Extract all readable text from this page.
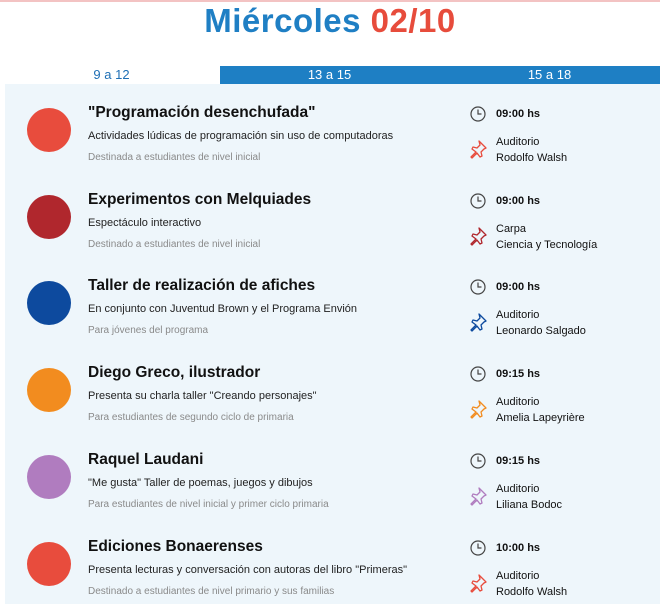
Miércoles 02/10
9 a 12	13 a 15	15 a 18
"Programación desenchufada"
Actividades lúdicas de programación sin uso de computadoras
Destinada a estudiantes de nivel inicial
09:00 hs
Auditorio
Rodolfo Walsh
Experimentos con Melquiades
Espectáculo interactivo
Destinado a estudiantes de nivel inicial
09:00 hs
Carpa
Ciencia y Tecnología
Taller de realización de afiches
En conjunto con Juventud Brown y el Programa Envión
Para jóvenes del programa
09:00 hs
Auditorio
Leonardo Salgado
Diego Greco, ilustrador
Presenta su charla taller "Creando personajes"
Para estudiantes de segundo ciclo de primaria
09:15 hs
Auditorio
Amelia Lapeyrière
Raquel Laudani
"Me gusta" Taller de poemas, juegos y dibujos
Para estudiantes de nivel inicial y primer ciclo primaria
09:15 hs
Auditorio
Liliana Bodoc
Ediciones Bonaerenses
Presenta lecturas y conversación con autoras del libro "Primeras"
Destinado a estudiantes de nivel primario y sus familias
10:00 hs
Auditorio
Rodolfo Walsh
